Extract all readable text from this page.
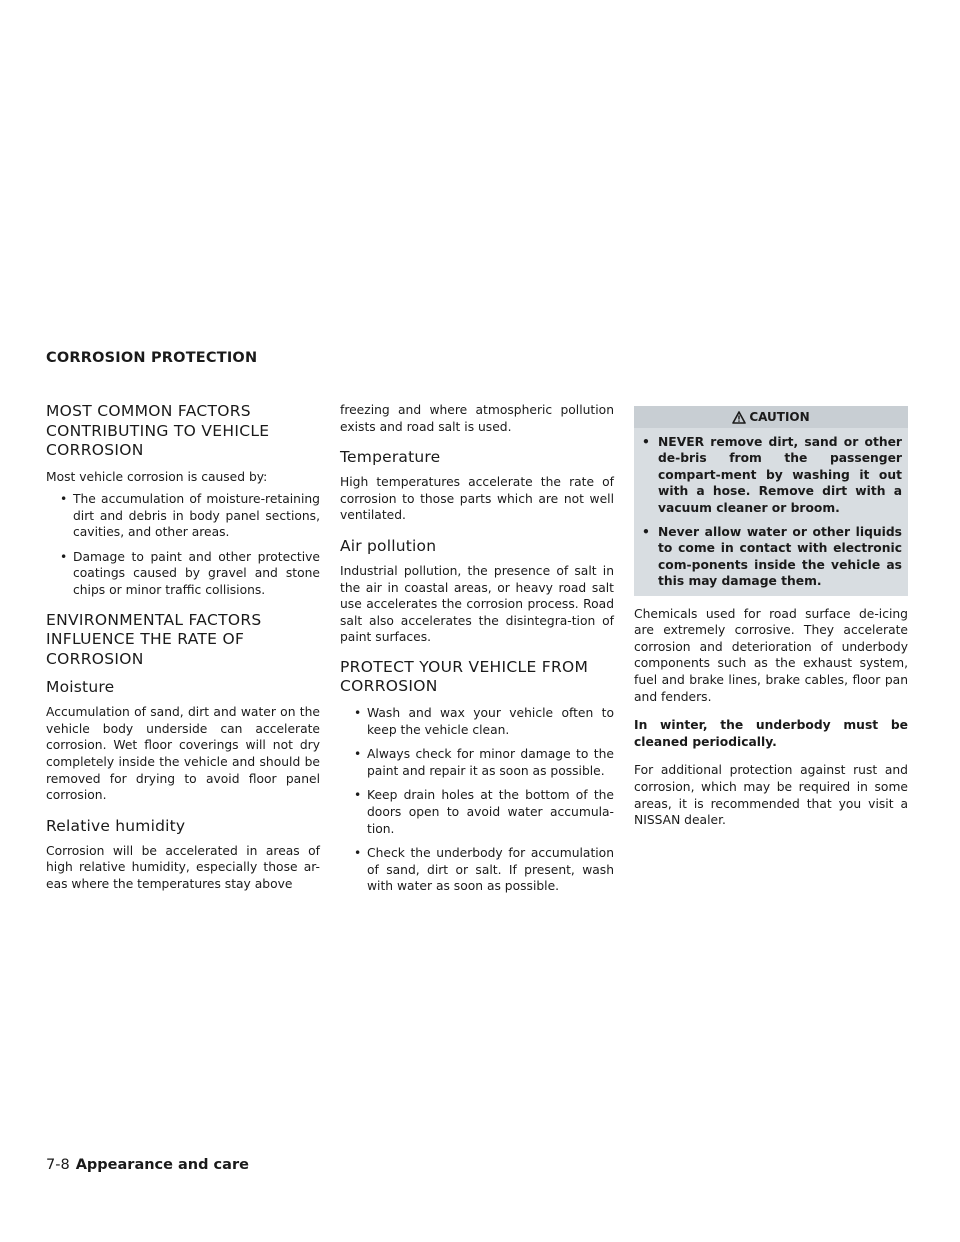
CORROSION PROTECTION
MOST COMMON FACTORS CONTRIBUTING TO VEHICLE CORROSION
Most vehicle corrosion is caused by:
• The accumulation of moisture-retaining dirt and debris in body panel sections, cavities, and other areas.
• Damage to paint and other protective coatings caused by gravel and stone chips or minor traffic collisions.
ENVIRONMENTAL FACTORS INFLUENCE THE RATE OF CORROSION
Moisture
Accumulation of sand, dirt and water on the vehicle body underside can accelerate corrosion. Wet floor coverings will not dry completely inside the vehicle and should be removed for drying to avoid floor panel corrosion.
Relative humidity
Corrosion will be accelerated in areas of high relative humidity, especially those ar-eas where the temperatures stay above
freezing and where atmospheric pollution exists and road salt is used.
Temperature
High temperatures accelerate the rate of corrosion to those parts which are not well ventilated.
Air pollution
Industrial pollution, the presence of salt in the air in coastal areas, or heavy road salt use accelerates the corrosion process. Road salt also accelerates the disintegra-tion of paint surfaces.
PROTECT YOUR VEHICLE FROM CORROSION
• Wash and wax your vehicle often to keep the vehicle clean.
• Always check for minor damage to the paint and repair it as soon as possible.
• Keep drain holes at the bottom of the doors open to avoid water accumula-tion.
• Check the underbody for accumulation of sand, dirt or salt. If present, wash with water as soon as possible.
CAUTION
• NEVER remove dirt, sand or other de-bris from the passenger compart-ment by washing it out with a hose. Remove dirt with a vacuum cleaner or broom.
• Never allow water or other liquids to come in contact with electronic com-ponents inside the vehicle as this may damage them.
Chemicals used for road surface de-icing are extremely corrosive. They accelerate corrosion and deterioration of underbody components such as the exhaust system, fuel and brake lines, brake cables, floor pan and fenders.
In winter, the underbody must be cleaned periodically.
For additional protection against rust and corrosion, which may be required in some areas, it is recommended that you visit a NISSAN dealer.
7-8 Appearance and care
